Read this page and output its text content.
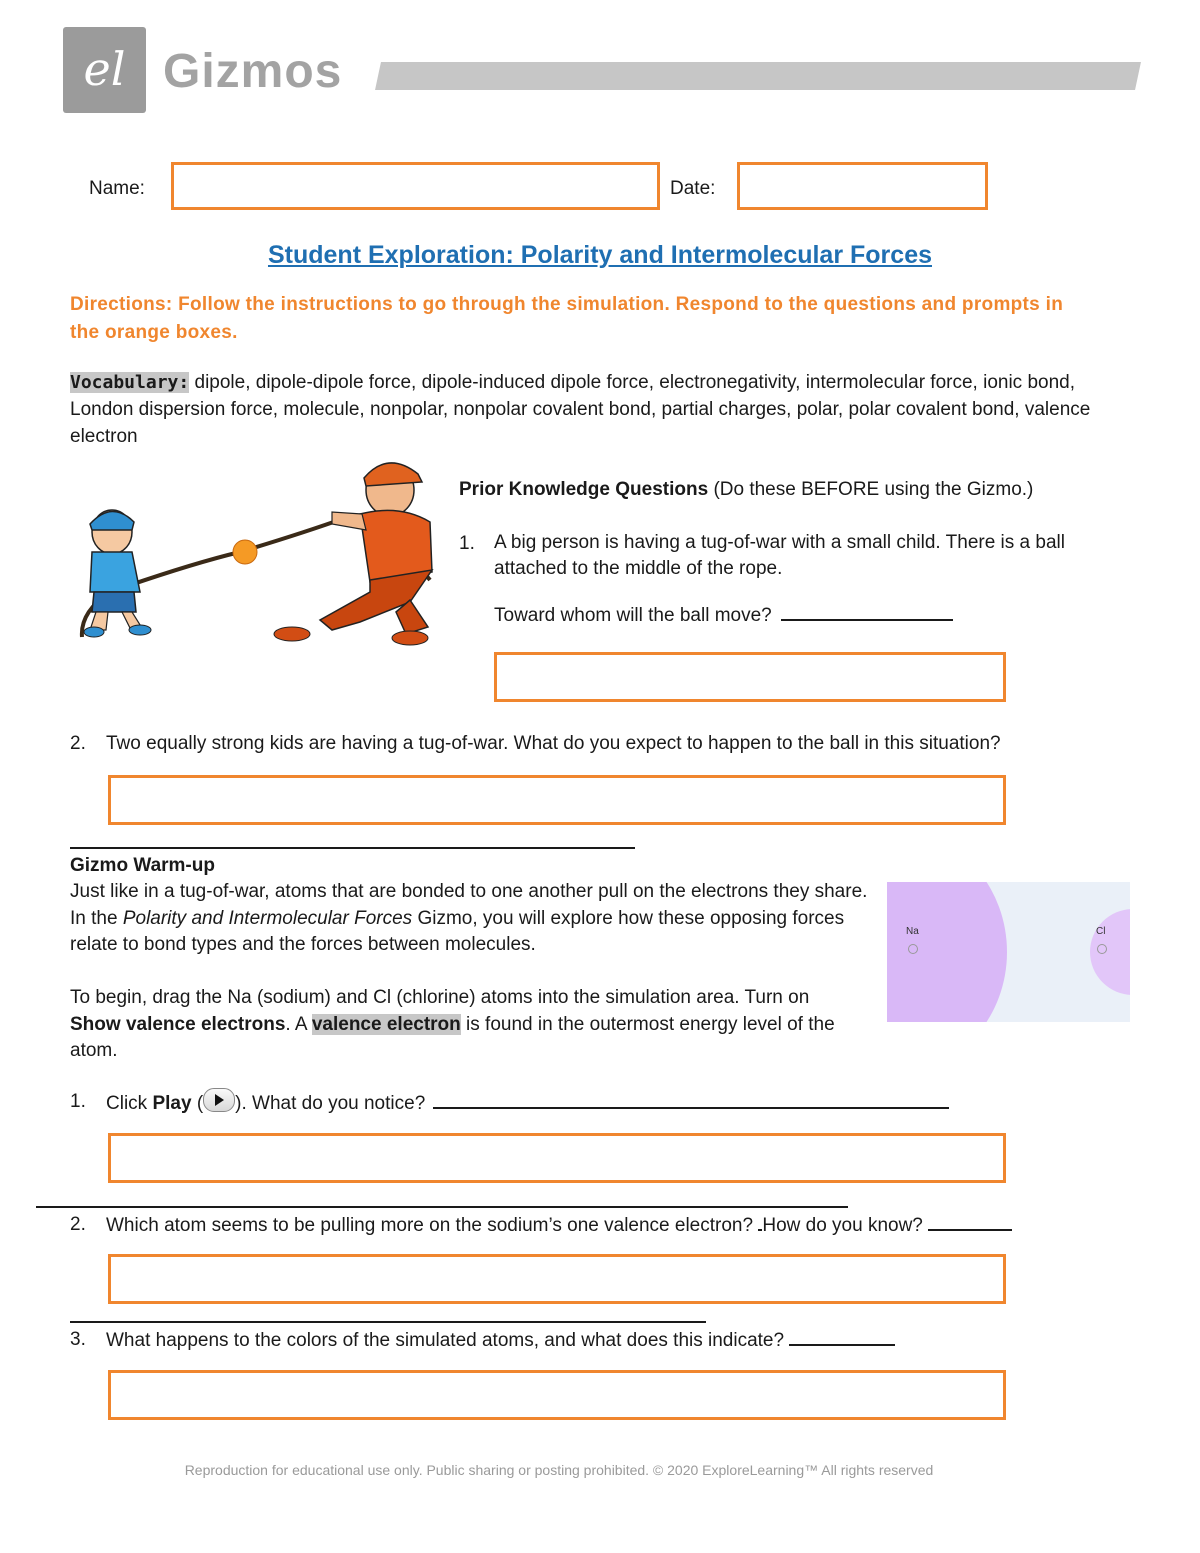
el Gizmos
Name:	Date:
Student Exploration: Polarity and Intermolecular Forces
Directions: Follow the instructions to go through the simulation. Respond to the questions and prompts in the orange boxes.
Vocabulary: dipole, dipole-dipole force, dipole-induced dipole force, electronegativity, intermolecular force, ionic bond, London dispersion force, molecule, nonpolar, nonpolar covalent bond, partial charges, polar, polar covalent bond, valence electron
Prior Knowledge Questions (Do these BEFORE using the Gizmo.)
1. A big person is having a tug-of-war with a small child. There is a ball attached to the middle of the rope.
Toward whom will the ball move?
2. Two equally strong kids are having a tug-of-war. What do you expect to happen to the ball in this situation?
Gizmo Warm-up
Just like in a tug-of-war, atoms that are bonded to one another pull on the electrons they share. In the Polarity and Intermolecular Forces Gizmo, you will explore how these opposing forces relate to bond types and the forces between molecules.
To begin, drag the Na (sodium) and Cl (chlorine) atoms into the simulation area. Turn on Show valence electrons. A valence electron is found in the outermost energy level of the atom.
Na	Cl
1. Click Play ( ). What do you notice?
2. Which atom seems to be pulling more on the sodium’s one valence electron? How do you know?
3. What happens to the colors of the simulated atoms, and what does this indicate?
Reproduction for educational use only. Public sharing or posting prohibited. © 2020 ExploreLearning™ All rights reserved
